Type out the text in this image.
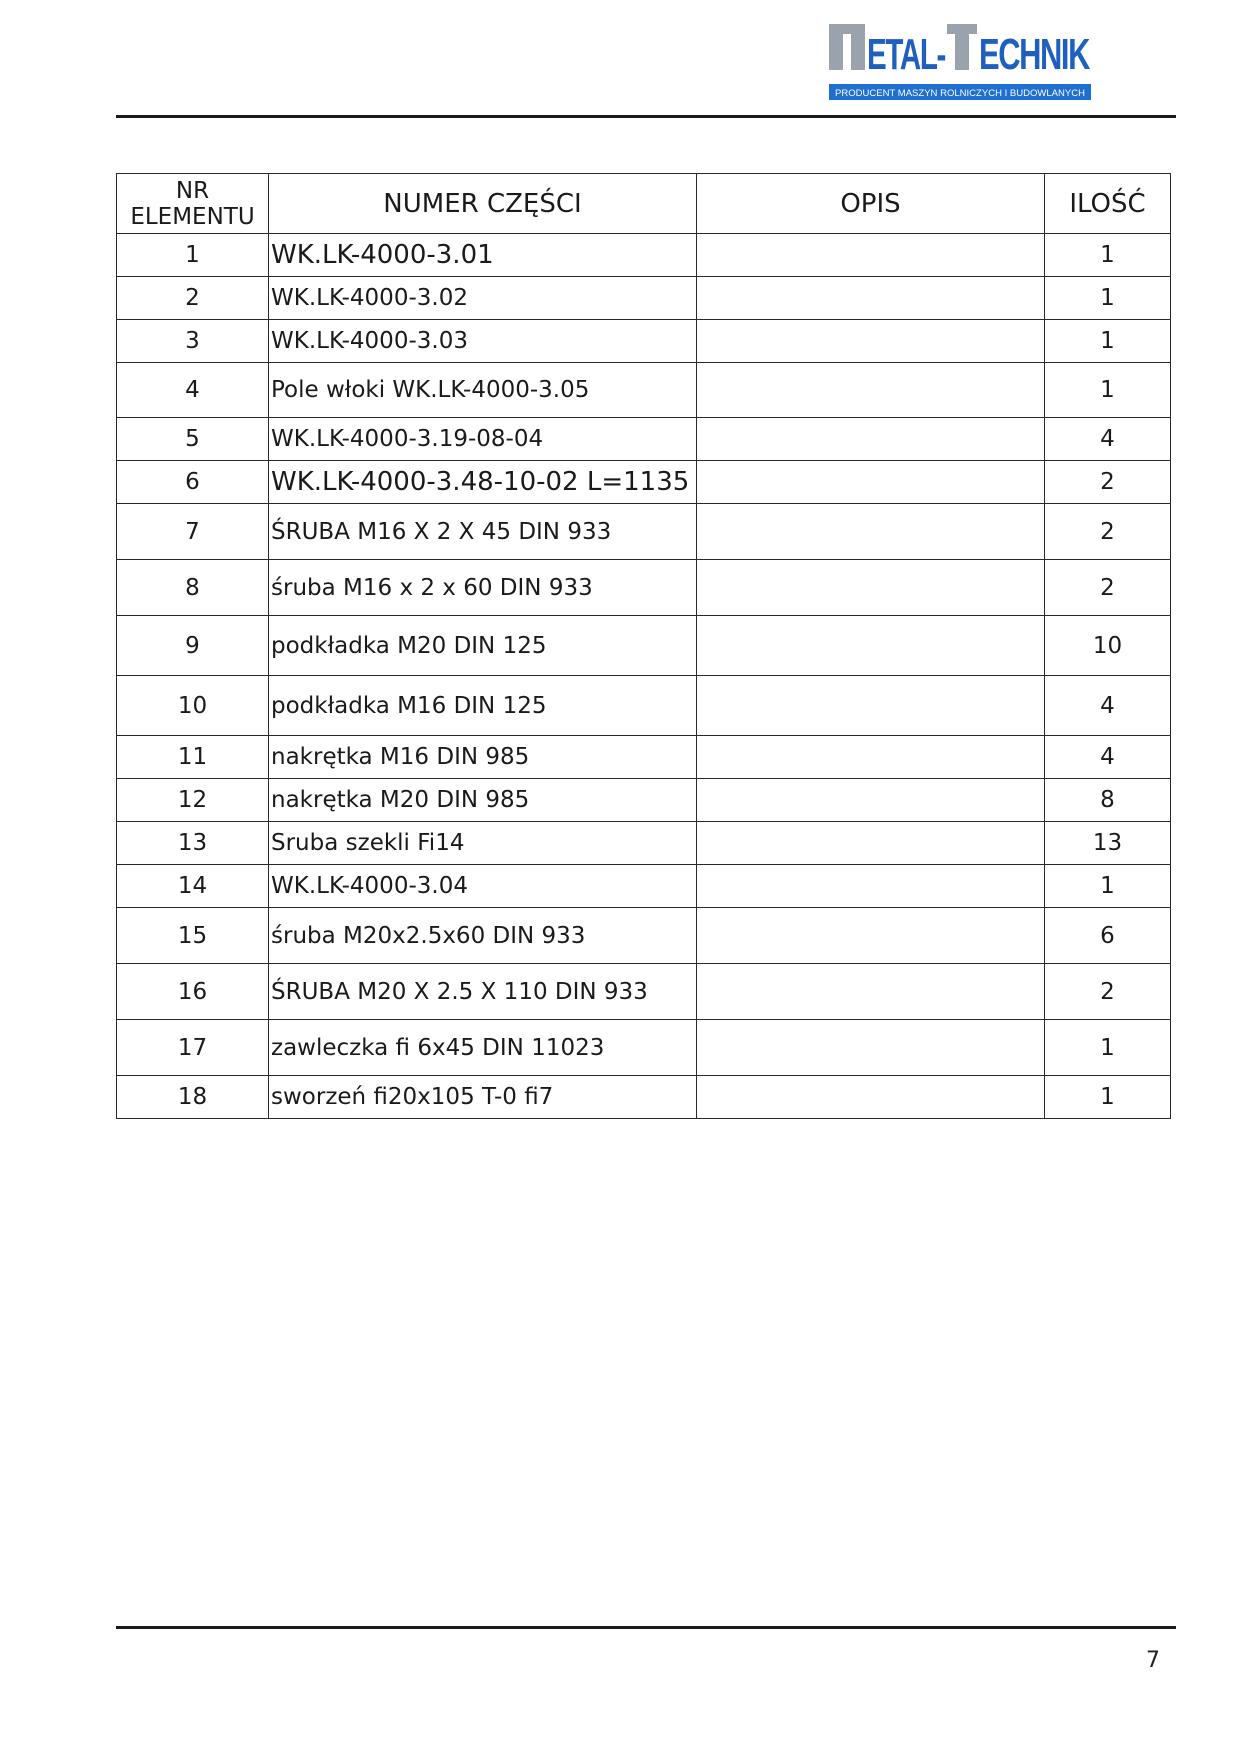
ETAL- ECHNIK
PRODUCENT MASZYN ROLNICZYCH I BUDOWLANYCH
NR
ELEMENTU	NUMER CZĘŚCI	OPIS	ILOŚĆ
1	WK.LK-4000-3.01		1
2	WK.LK-4000-3.02		1
3	WK.LK-4000-3.03		1
4	Pole włoki WK.LK-4000-3.05		1
5	WK.LK-4000-3.19-08-04		4
6	WK.LK-4000-3.48-10-02 L=1135		2
7	ŚRUBA M16 X 2 X 45 DIN 933		2
8	śruba M16 x 2 x 60 DIN 933		2
9	podkładka M20 DIN 125		10
10	podkładka M16 DIN 125		4
11	nakrętka M16 DIN 985		4
12	nakrętka M20 DIN 985		8
13	Sruba szekli Fi14		13
14	WK.LK-4000-3.04		1
15	śruba M20x2.5x60 DIN 933		6
16	ŚRUBA M20 X 2.5 X 110 DIN 933		2
17	zawleczka fi 6x45 DIN 11023		1
18	sworzeń fi20x105 T-0 fi7		1
7
